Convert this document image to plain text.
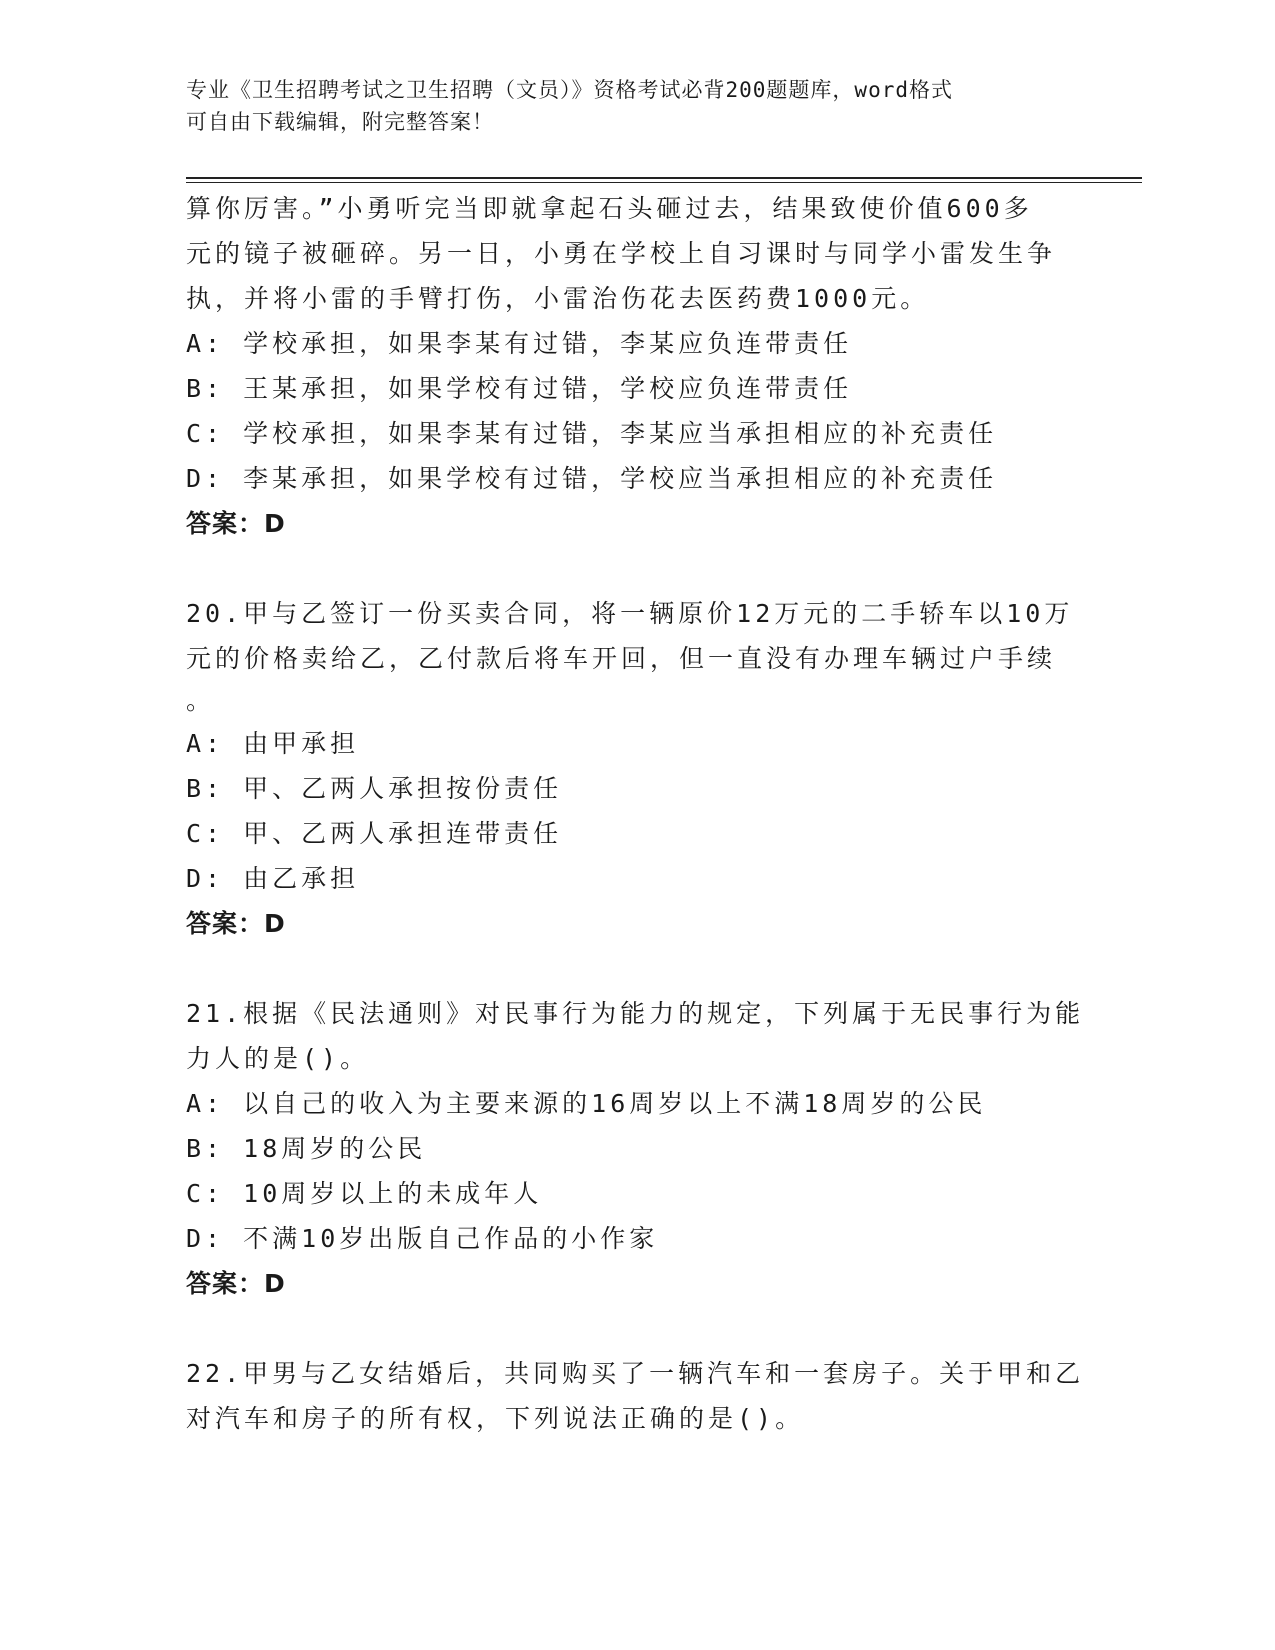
专业《卫生招聘考试之卫生招聘（文员）》资格考试必背200题题库，word格式
可自由下载编辑，附完整答案！
算你厉害。”小勇听完当即就拿起石头砸过去，结果致使价值600多
元的镜子被砸碎。另一日，小勇在学校上自习课时与同学小雷发生争
执，并将小雷的手臂打伤，小雷治伤花去医药费1000元。
A: 学校承担，如果李某有过错，李某应负连带责任
B: 王某承担，如果学校有过错，学校应负连带责任
C: 学校承担，如果李某有过错，李某应当承担相应的补充责任
D: 李某承担，如果学校有过错，学校应当承担相应的补充责任
答案：D
20.甲与乙签订一份买卖合同，将一辆原价12万元的二手轿车以10万
元的价格卖给乙，乙付款后将车开回，但一直没有办理车辆过户手续
。
A: 由甲承担
B: 甲、乙两人承担按份责任
C: 甲、乙两人承担连带责任
D: 由乙承担
答案：D
21.根据《民法通则》对民事行为能力的规定，下列属于无民事行为能
力人的是()。
A: 以自己的收入为主要来源的16周岁以上不满18周岁的公民
B: 18周岁的公民
C: 10周岁以上的未成年人
D: 不满10岁出版自己作品的小作家
答案：D
22.甲男与乙女结婚后，共同购买了一辆汽车和一套房子。关于甲和乙
对汽车和房子的所有权，下列说法正确的是()。
